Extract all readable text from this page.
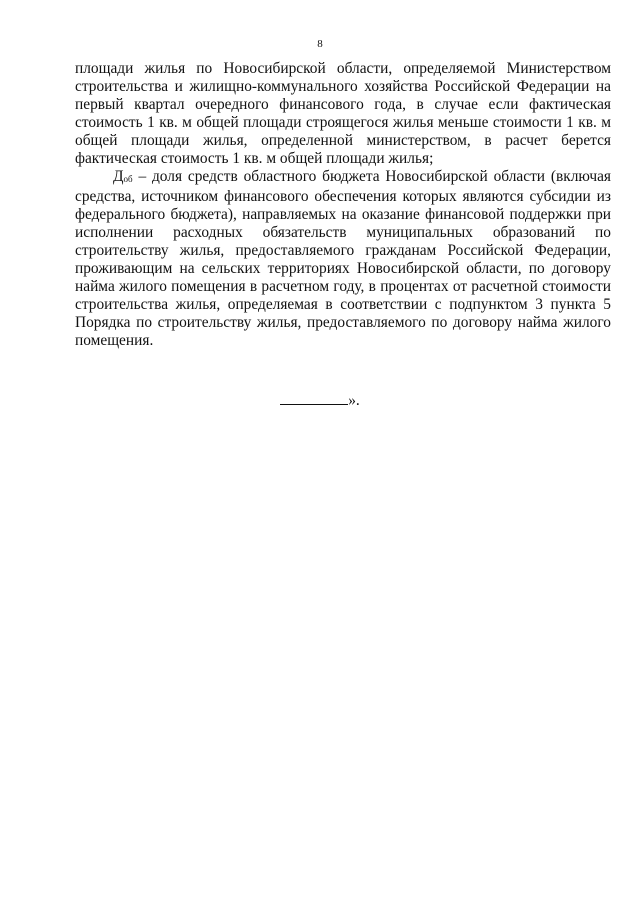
8

площади жилья по Новосибирской области, определяемой Министерством строительства и жилищно-коммунального хозяйства Российской Федерации на первый квартал очередного финансового года, в случае если фактическая стоимость 1 кв. м общей площади строящегося жилья меньше стоимости 1 кв. м общей площади жилья, определенной министерством, в расчет берется фактическая стоимость 1 кв. м общей площади жилья;

Доб – доля средств областного бюджета Новосибирской области (включая средства, источником финансового обеспечения которых являются субсидии из федерального бюджета), направляемых на оказание финансовой поддержки при исполнении расходных обязательств муниципальных образований по строительству жилья, предоставляемого гражданам Российской Федерации, проживающим на сельских территориях Новосибирской области, по договору найма жилого помещения в расчетном году, в процентах от расчетной стоимости строительства жилья, определяемая в соответствии с подпунктом 3 пункта 5 Порядка по строительству жилья, предоставляемого по договору найма жилого помещения.

».
